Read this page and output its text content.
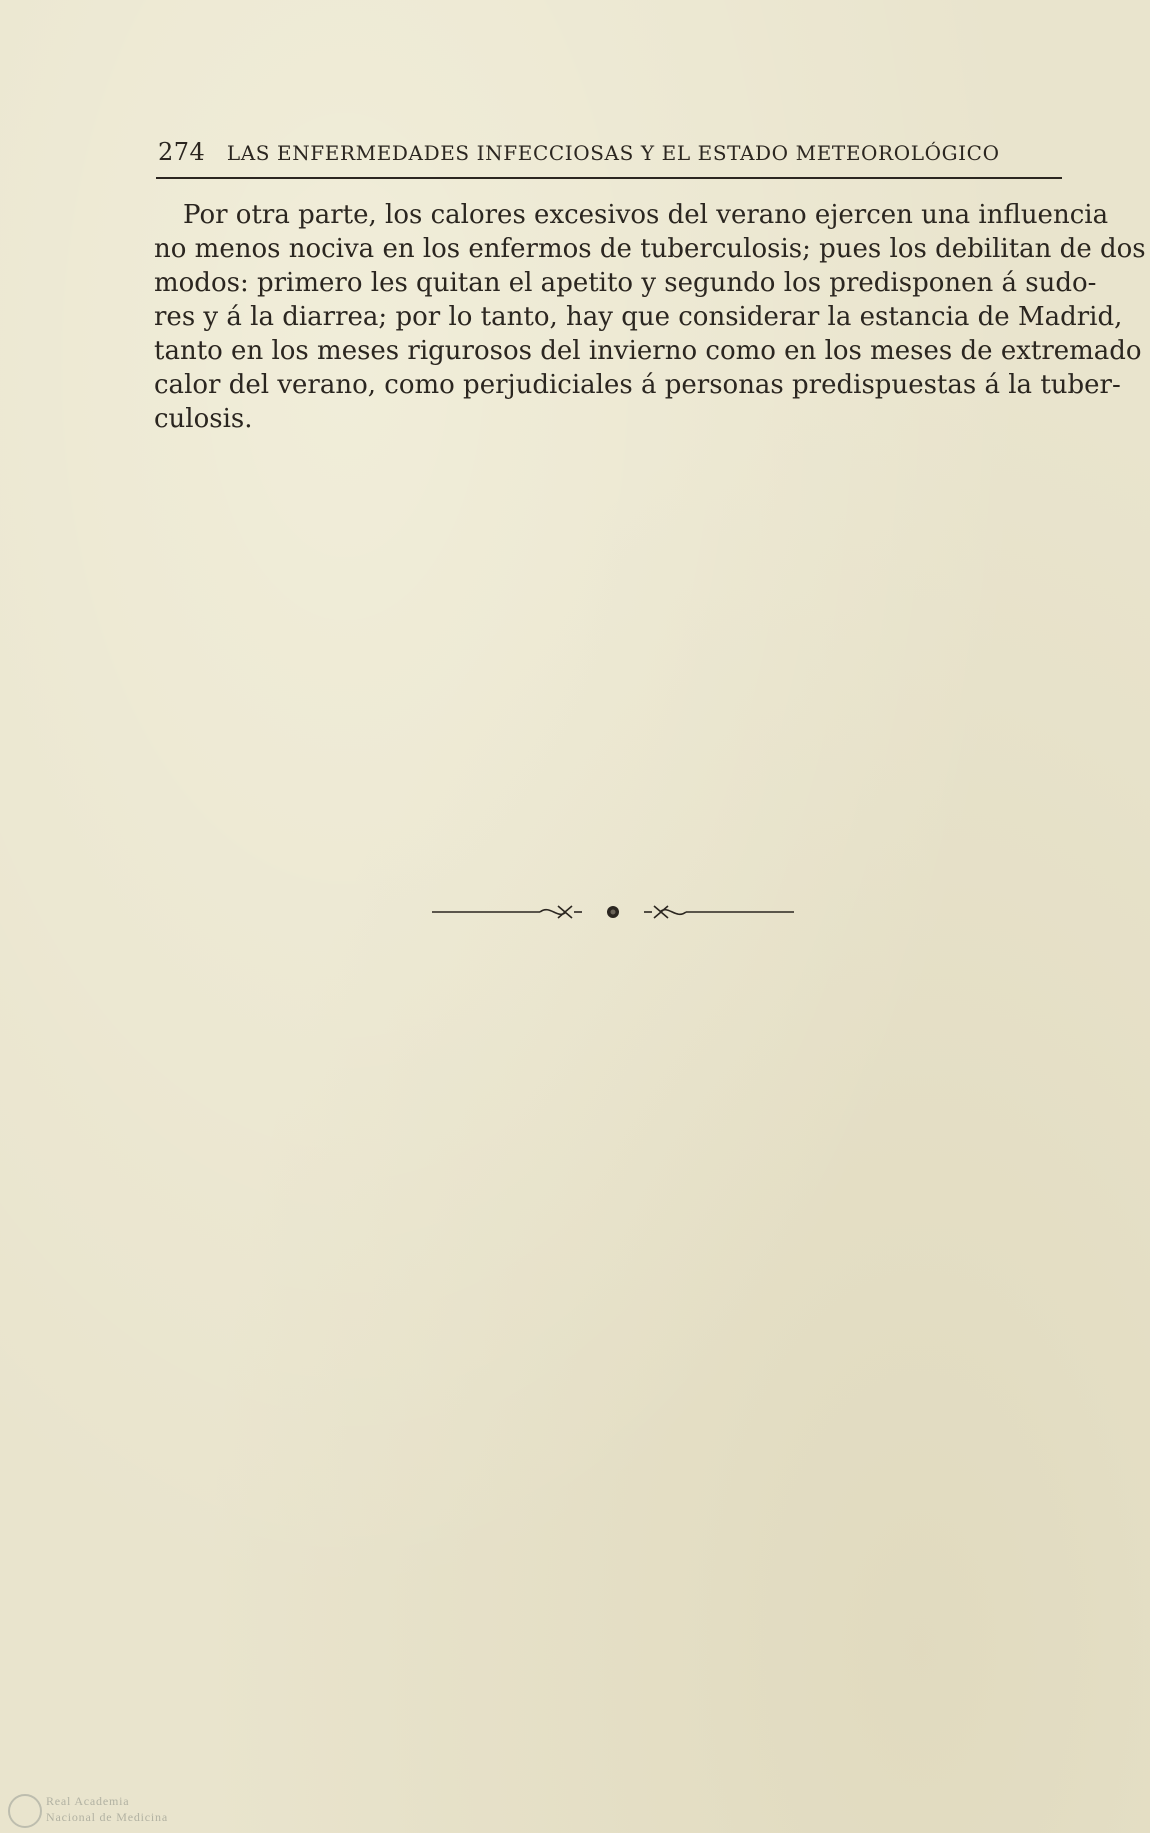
274 LAS ENFERMEDADES INFECCIOSAS Y EL ESTADO METEOROLÓGICO
Por otra parte, los calores excesivos del verano ejercen una influencia
no menos nociva en los enfermos de tuberculosis; pues los debilitan de dos
modos: primero les quitan el apetito y segundo los predisponen á sudo-
res y á la diarrea; por lo tanto, hay que considerar la estancia de Madrid,
tanto en los meses rigurosos del invierno como en los meses de extremado
calor del verano, como perjudiciales á personas predispuestas á la tuber-
culosis.
Real Academia
Nacional de Medicina
